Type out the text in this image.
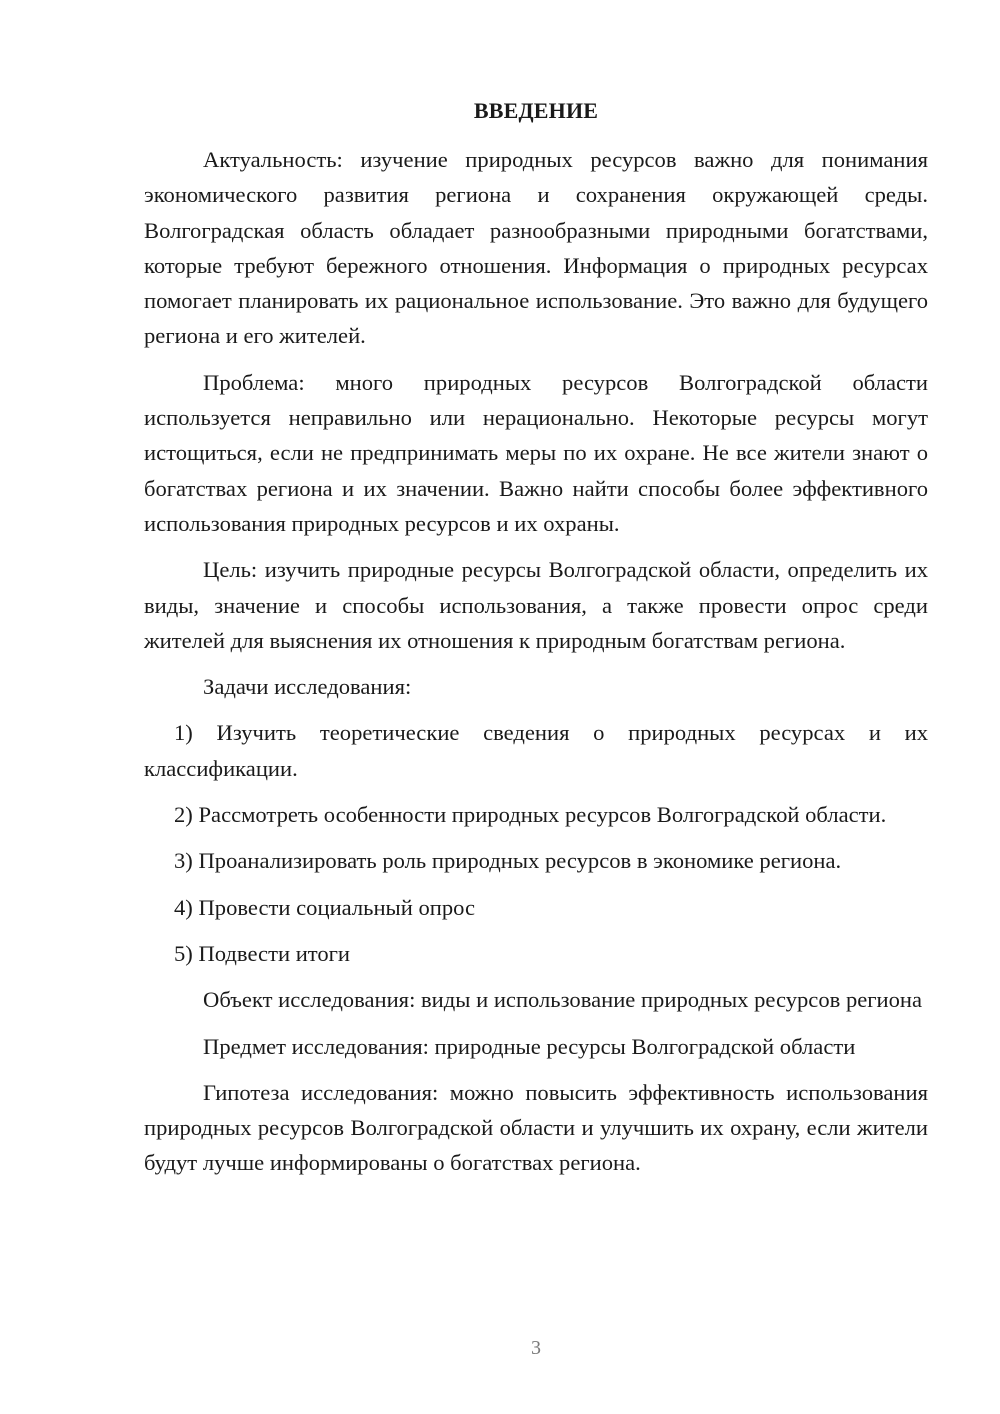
ВВЕДЕНИЕ

Актуальность: изучение природных ресурсов важно для понимания экономического развития региона и сохранения окружающей среды. Волгоградская область обладает разнообразными природными богатствами, которые требуют бережного отношения. Информация о природных ресурсах помогает планировать их рациональное использование. Это важно для будущего региона и его жителей.

Проблема: много природных ресурсов Волгоградской области используется неправильно или нерационально. Некоторые ресурсы могут истощиться, если не предпринимать меры по их охране. Не все жители знают о богатствах региона и их значении. Важно найти способы более эффективного использования природных ресурсов и их охраны.

Цель: изучить природные ресурсы Волгоградской области, определить их виды, значение и способы использования, а также провести опрос среди жителей для выяснения их отношения к природным богатствам региона.

Задачи исследования:

1) Изучить теоретические сведения о природных ресурсах и их классификации.

2) Рассмотреть особенности природных ресурсов Волгоградской области.

3) Проанализировать роль природных ресурсов в экономике региона.

4) Провести социальный опрос

5) Подвести итоги

Объект исследования: виды и использование природных ресурсов региона

Предмет исследования: природные ресурсы Волгоградской области

Гипотеза исследования: можно повысить эффективность использования природных ресурсов Волгоградской области и улучшить их охрану, если жители будут лучше информированы о богатствах региона.

3
